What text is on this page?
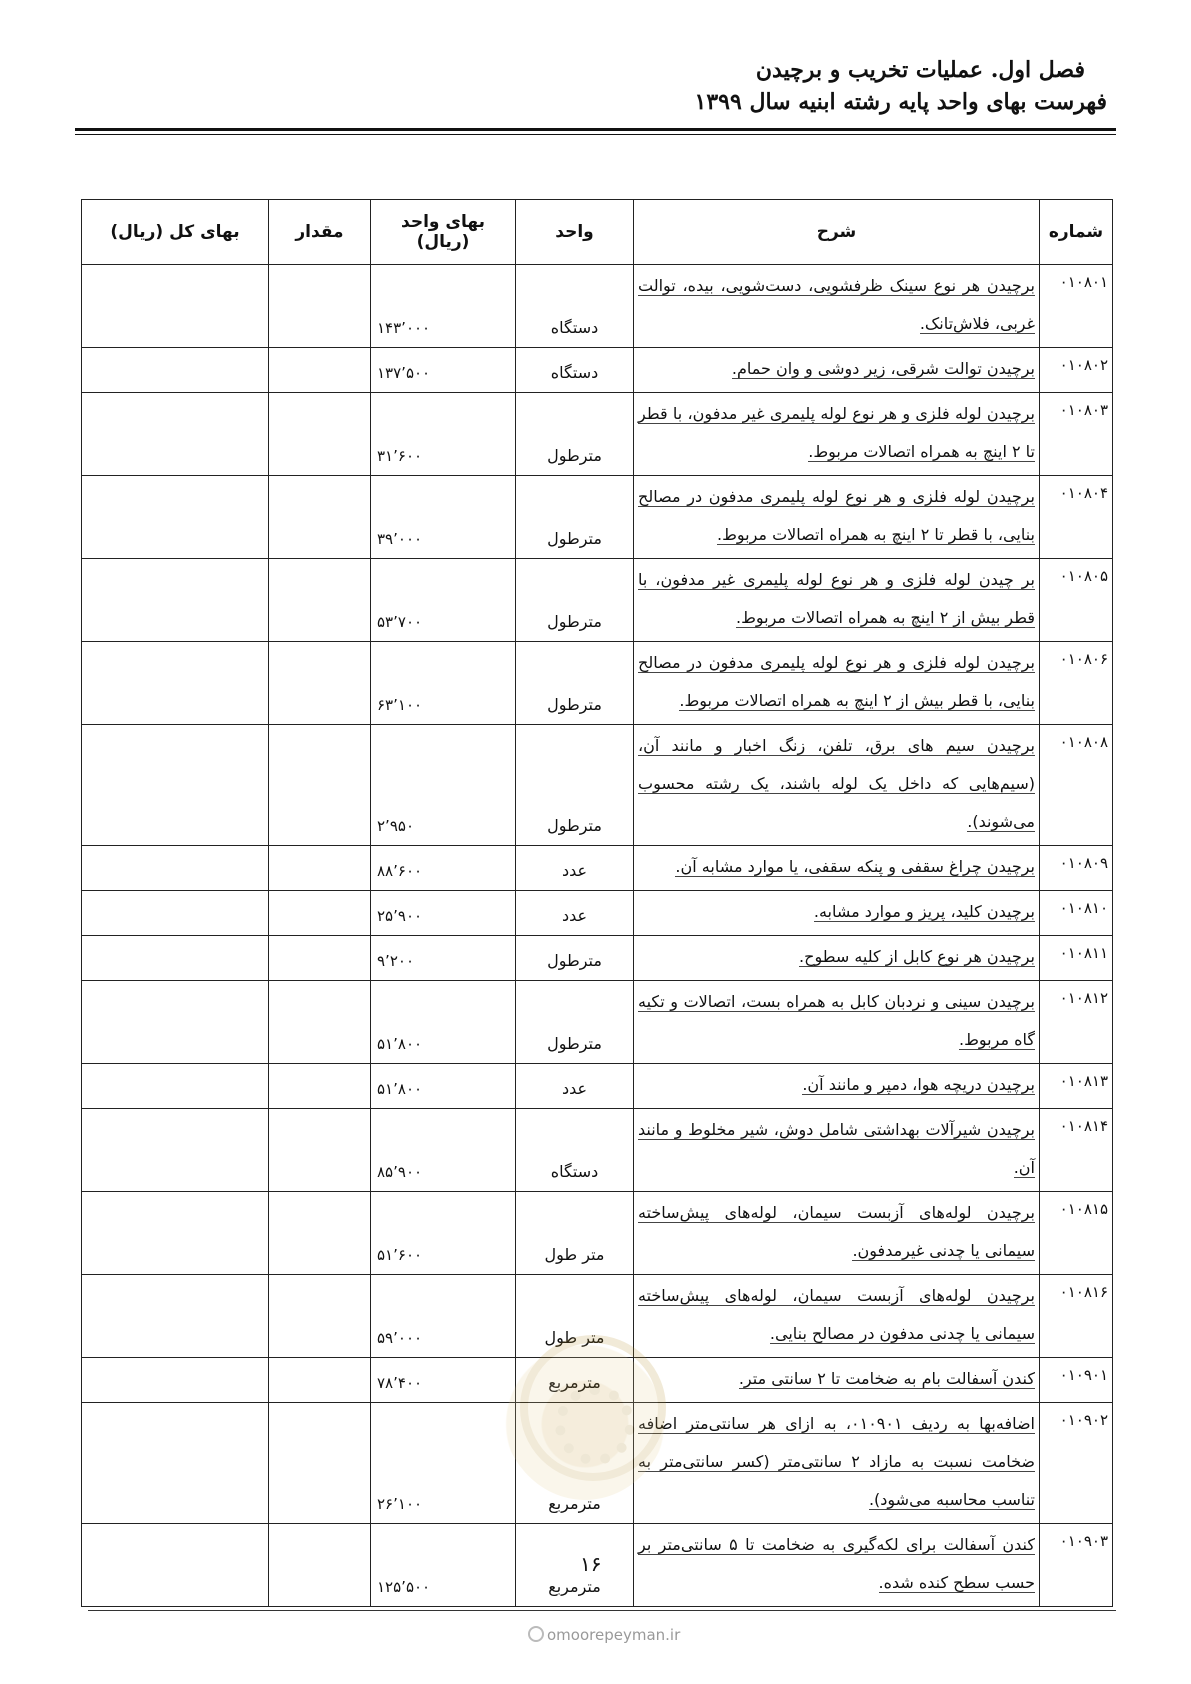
فصل اول. عملیات تخریب و برچیدن
فهرست بهای واحد پایه رشته ابنیه سال ۱۳۹۹
شماره	شرح	واحد	بهای واحد (ریال)	مقدار	بهای کل (ریال)
۰۱۰۸۰۱	برچیدن هر نوع سینک ظرفشویی، دست‌شویی، بیده، توالت غربی، فلاش‌تانک.	دستگاه	۱۴۳٬۰۰۰		
۰۱۰۸۰۲	برچیدن توالت شرقی، زیر دوشی و وان حمام.	دستگاه	۱۳۷٬۵۰۰		
۰۱۰۸۰۳	برچیدن لوله فلزی و هر نوع لوله پلیمری غیر مدفون، با قطر تا ۲ اینچ به همراه اتصالات مربوط.	مترطول	۳۱٬۶۰۰		
۰۱۰۸۰۴	برچیدن لوله فلزی و هر نوع لوله پلیمری مدفون در مصالح بنایی، با قطر تا ۲ اینچ به همراه اتصالات مربوط.	مترطول	۳۹٬۰۰۰		
۰۱۰۸۰۵	بر چیدن لوله فلزی و هر نوع لوله پلیمری غیر مدفون، با قطر بیش از ۲ اینچ به همراه اتصالات مربوط.	مترطول	۵۳٬۷۰۰		
۰۱۰۸۰۶	برچیدن لوله فلزی و هر نوع لوله پلیمری مدفون در مصالح بنایی، با قطر بیش از ۲ اینچ به همراه اتصالات مربوط.	مترطول	۶۳٬۱۰۰		
۰۱۰۸۰۸	برچیدن سیم های برق، تلفن، زنگ اخبار و مانند آن، (سیم‌هایی که داخل یک لوله باشند، یک رشته محسوب می‌شوند).	مترطول	۲٬۹۵۰		
۰۱۰۸۰۹	برچیدن چراغ سقفی و پنکه سقفی، یا موارد مشابه آن.	عدد	۸۸٬۶۰۰		
۰۱۰۸۱۰	برچیدن کلید، پریز و موارد مشابه.	عدد	۲۵٬۹۰۰		
۰۱۰۸۱۱	برچیدن هر نوع کابل از کلیه سطوح.	مترطول	۹٬۲۰۰		
۰۱۰۸۱۲	برچیدن سینی و نردبان کابل به همراه بست، اتصالات و تکیه گاه مربوط.	مترطول	۵۱٬۸۰۰		
۰۱۰۸۱۳	برچیدن دریچه هوا، دمپر و مانند آن.	عدد	۵۱٬۸۰۰		
۰۱۰۸۱۴	برچیدن شیرآلات بهداشتی شامل دوش، شیر مخلوط و مانند آن.	دستگاه	۸۵٬۹۰۰		
۰۱۰۸۱۵	برچیدن لوله‌های آزبست سیمان، لوله‌های پیش‌ساخته سیمانی یا چدنی غیرمدفون.	متر طول	۵۱٬۶۰۰		
۰۱۰۸۱۶	برچیدن لوله‌های آزبست سیمان، لوله‌های پیش‌ساخته سیمانی یا چدنی مدفون در مصالح بنایی.	متر طول	۵۹٬۰۰۰		
۰۱۰۹۰۱	کندن آسفالت بام به ضخامت تا ۲ سانتی متر.	مترمربع	۷۸٬۴۰۰		
۰۱۰۹۰۲	اضافه‌بها به ردیف ۰۱۰۹۰۱، به ازای هر سانتی‌متر اضافه ضخامت نسبت به مازاد ۲ سانتی‌متر (کسر سانتی‌متر به تناسب محاسبه می‌شود).	مترمربع	۲۶٬۱۰۰		
۰۱۰۹۰۳	کندن آسفالت برای لکه‌گیری به ضخامت تا ۵ سانتی‌متر بر حسب سطح کنده شده.	مترمربع	۱۲۵٬۵۰۰		
۱۶
omoorepeyman.ir
